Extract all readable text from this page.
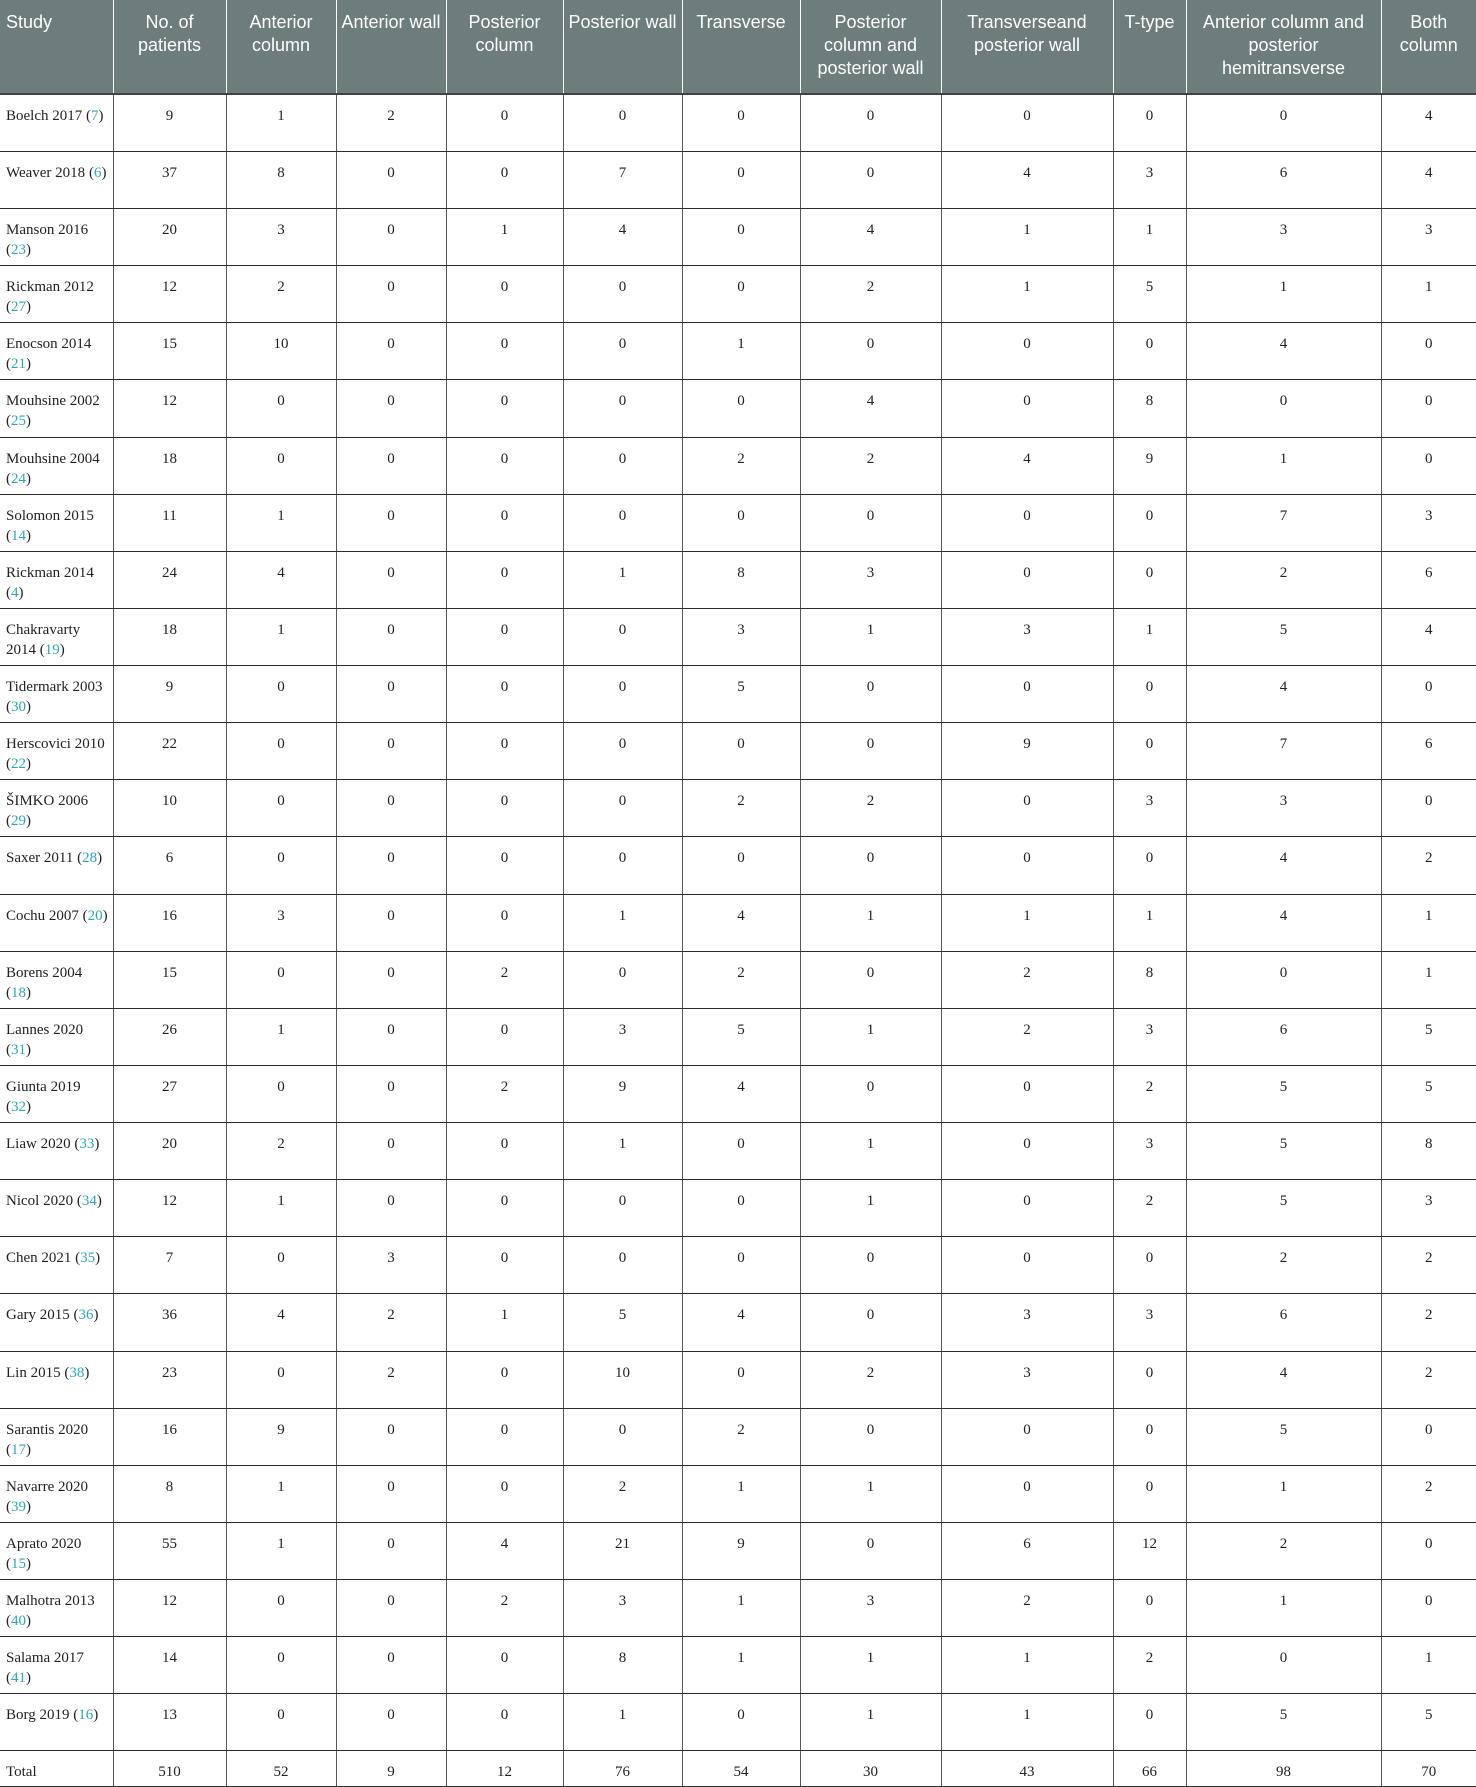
Study	No. of patients	Anterior column	Anterior wall	Posterior column	Posterior wall	Transverse	Posterior column and posterior wall	Transverseand posterior wall	T-type	Anterior column and posterior hemitransverse	Both column
Boelch 2017 (7)	9	1	2	0	0	0	0	0	0	0	4
Weaver 2018 (6)	37	8	0	0	7	0	0	4	3	6	4
Manson 2016 (23)	20	3	0	1	4	0	4	1	1	3	3
Rickman 2012 (27)	12	2	0	0	0	0	2	1	5	1	1
Enocson 2014 (21)	15	10	0	0	0	1	0	0	0	4	0
Mouhsine 2002 (25)	12	0	0	0	0	0	4	0	8	0	0
Mouhsine 2004 (24)	18	0	0	0	0	2	2	4	9	1	0
Solomon 2015 (14)	11	1	0	0	0	0	0	0	0	7	3
Rickman 2014 (4)	24	4	0	0	1	8	3	0	0	2	6
Chakravarty 2014 (19)	18	1	0	0	0	3	1	3	1	5	4
Tidermark 2003 (30)	9	0	0	0	0	5	0	0	0	4	0
Herscovici 2010 (22)	22	0	0	0	0	0	0	9	0	7	6
ŠIMKO 2006 (29)	10	0	0	0	0	2	2	0	3	3	0
Saxer 2011 (28)	6	0	0	0	0	0	0	0	0	4	2
Cochu 2007 (20)	16	3	0	0	1	4	1	1	1	4	1
Borens 2004 (18)	15	0	0	2	0	2	0	2	8	0	1
Lannes 2020 (31)	26	1	0	0	3	5	1	2	3	6	5
Giunta 2019 (32)	27	0	0	2	9	4	0	0	2	5	5
Liaw 2020 (33)	20	2	0	0	1	0	1	0	3	5	8
Nicol 2020 (34)	12	1	0	0	0	0	1	0	2	5	3
Chen 2021 (35)	7	0	3	0	0	0	0	0	0	2	2
Gary 2015 (36)	36	4	2	1	5	4	0	3	3	6	2
Lin 2015 (38)	23	0	2	0	10	0	2	3	0	4	2
Sarantis 2020 (17)	16	9	0	0	0	2	0	0	0	5	0
Navarre 2020 (39)	8	1	0	0	2	1	1	0	0	1	2
Aprato 2020 (15)	55	1	0	4	21	9	0	6	12	2	0
Malhotra 2013 (40)	12	0	0	2	3	1	3	2	0	1	0
Salama 2017 (41)	14	0	0	0	8	1	1	1	2	0	1
Borg 2019 (16)	13	0	0	0	1	0	1	1	0	5	5
Total	510	52	9	12	76	54	30	43	66	98	70
